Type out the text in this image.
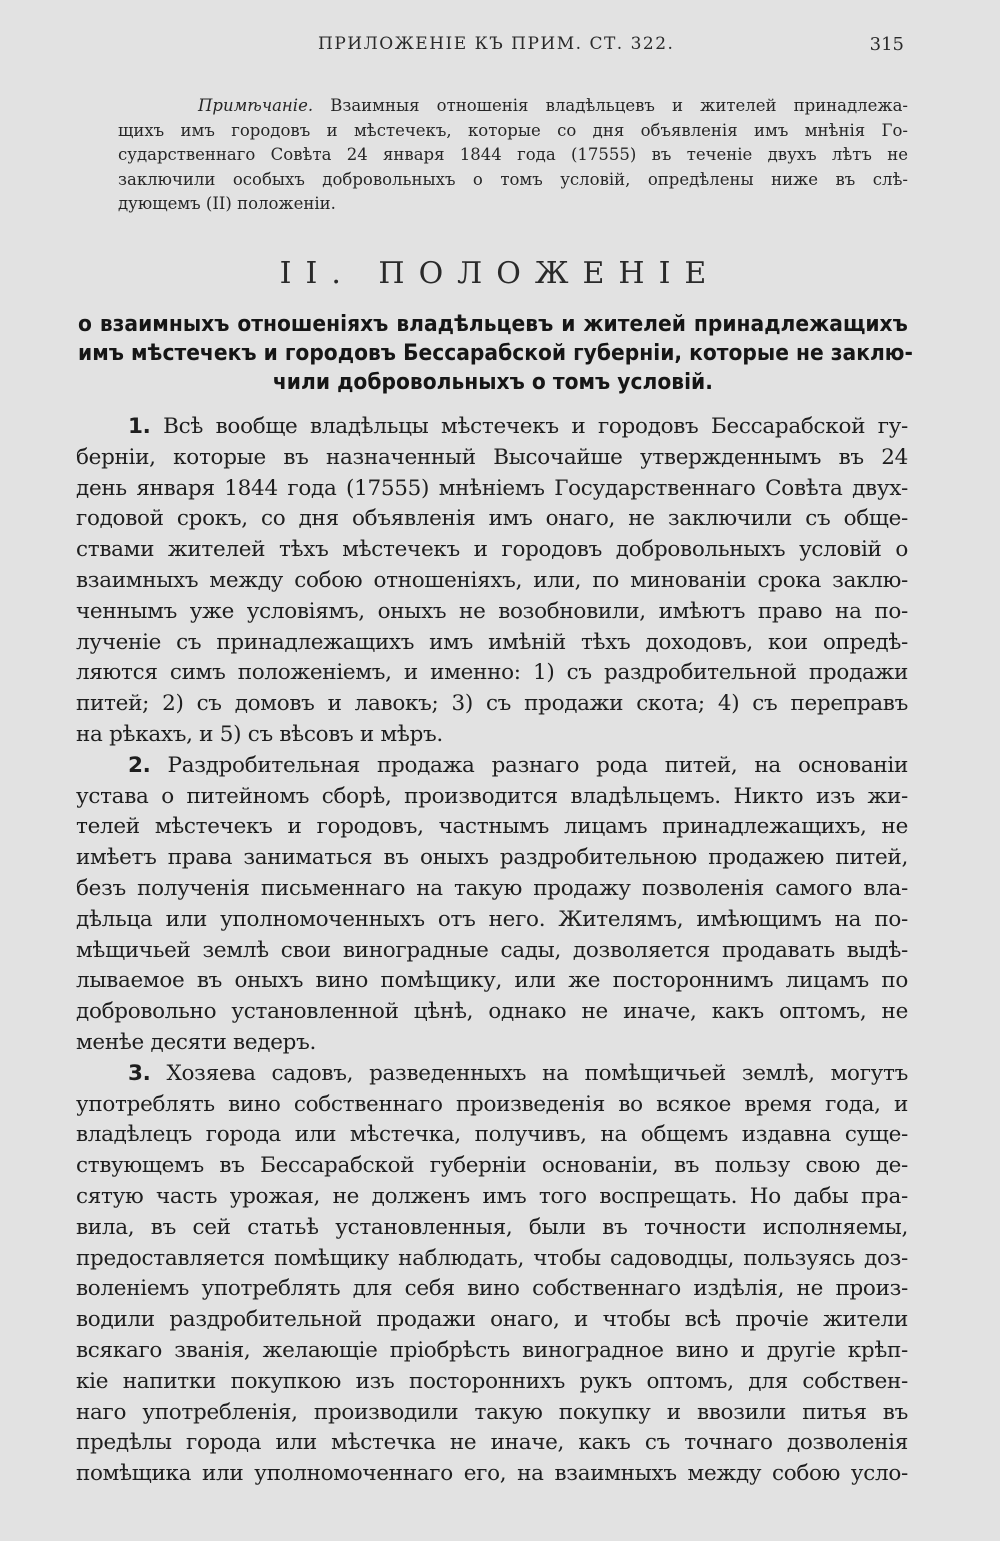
ПРИЛОЖЕНІЕ КЪ ПРИМ. СТ. 322.	315
Примѣчаніе. Взаимныя отношенія владѣльцевъ и жителей принадлежа-
щихъ имъ городовъ и мѣстечекъ, которые со дня объявленія имъ мнѣнія Го-
сударственнаго Совѣта 24 января 1844 года (17555) въ теченіе двухъ лѣтъ не
заключили особыхъ добровольныхъ о томъ условій, опредѣлены ниже въ слѣ-
дующемъ (II) положеніи.
II. ПОЛОЖЕНІЕ
о взаимныхъ отношеніяхъ владѣльцевъ и жителей принадлежащихъ
имъ мѣстечекъ и городовъ Бессарабской губерніи, которые не заклю-
чили добровольныхъ о томъ условій.
1. Всѣ вообще владѣльцы мѣстечекъ и городовъ Бессарабской гу-
берніи, которые въ назначенный Высочайше утвержденнымъ въ 24
день января 1844 года (17555) мнѣніемъ Государственнаго Совѣта двух-
годовой срокъ, со дня объявленія имъ онаго, не заключили съ обще-
ствами жителей тѣхъ мѣстечекъ и городовъ добровольныхъ условій о
взаимныхъ между собою отношеніяхъ, или, по минованіи срока заклю-
ченнымъ уже условіямъ, оныхъ не возобновили, имѣютъ право на по-
лученіе съ принадлежащихъ имъ имѣній тѣхъ доходовъ, кои опредѣ-
ляются симъ положеніемъ, и именно: 1) съ раздробительной продажи
питей; 2) съ домовъ и лавокъ; 3) съ продажи скота; 4) съ переправъ
на рѣкахъ, и 5) съ вѣсовъ и мѣръ.
2. Раздробительная продажа разнаго рода питей, на основаніи
устава о питейномъ сборѣ, производится владѣльцемъ. Никто изъ жи-
телей мѣстечекъ и городовъ, частнымъ лицамъ принадлежащихъ, не
имѣетъ права заниматься въ оныхъ раздробительною продажею питей,
безъ полученія письменнаго на такую продажу позволенія самого вла-
дѣльца или уполномоченныхъ отъ него. Жителямъ, имѣющимъ на по-
мѣщичьей землѣ свои виноградные сады, дозволяется продавать выдѣ-
лываемое въ оныхъ вино помѣщику, или же постороннимъ лицамъ по
добровольно установленной цѣнѣ, однако не иначе, какъ оптомъ, не
менѣе десяти ведеръ.
3. Хозяева садовъ, разведенныхъ на помѣщичьей землѣ, могутъ
употреблять вино собственнаго произведенія во всякое время года, и
владѣлецъ города или мѣстечка, получивъ, на общемъ издавна суще-
ствующемъ въ Бессарабской губерніи основаніи, въ пользу свою де-
сятую часть урожая, не долженъ имъ того воспрещать. Но дабы пра-
вила, въ сей статьѣ установленныя, были въ точности исполняемы,
предоставляется помѣщику наблюдать, чтобы садоводцы, пользуясь доз-
воленіемъ употреблять для себя вино собственнаго издѣлія, не произ-
водили раздробительной продажи онаго, и чтобы всѣ прочіе жители
всякаго званія, желающіе пріобрѣсть виноградное вино и другіе крѣп-
кіе напитки покупкою изъ постороннихъ рукъ оптомъ, для собствен-
наго употребленія, производили такую покупку и ввозили питья въ
предѣлы города или мѣстечка не иначе, какъ съ точнаго дозволенія
помѣщика или уполномоченнаго его, на взаимныхъ между собою усло-
